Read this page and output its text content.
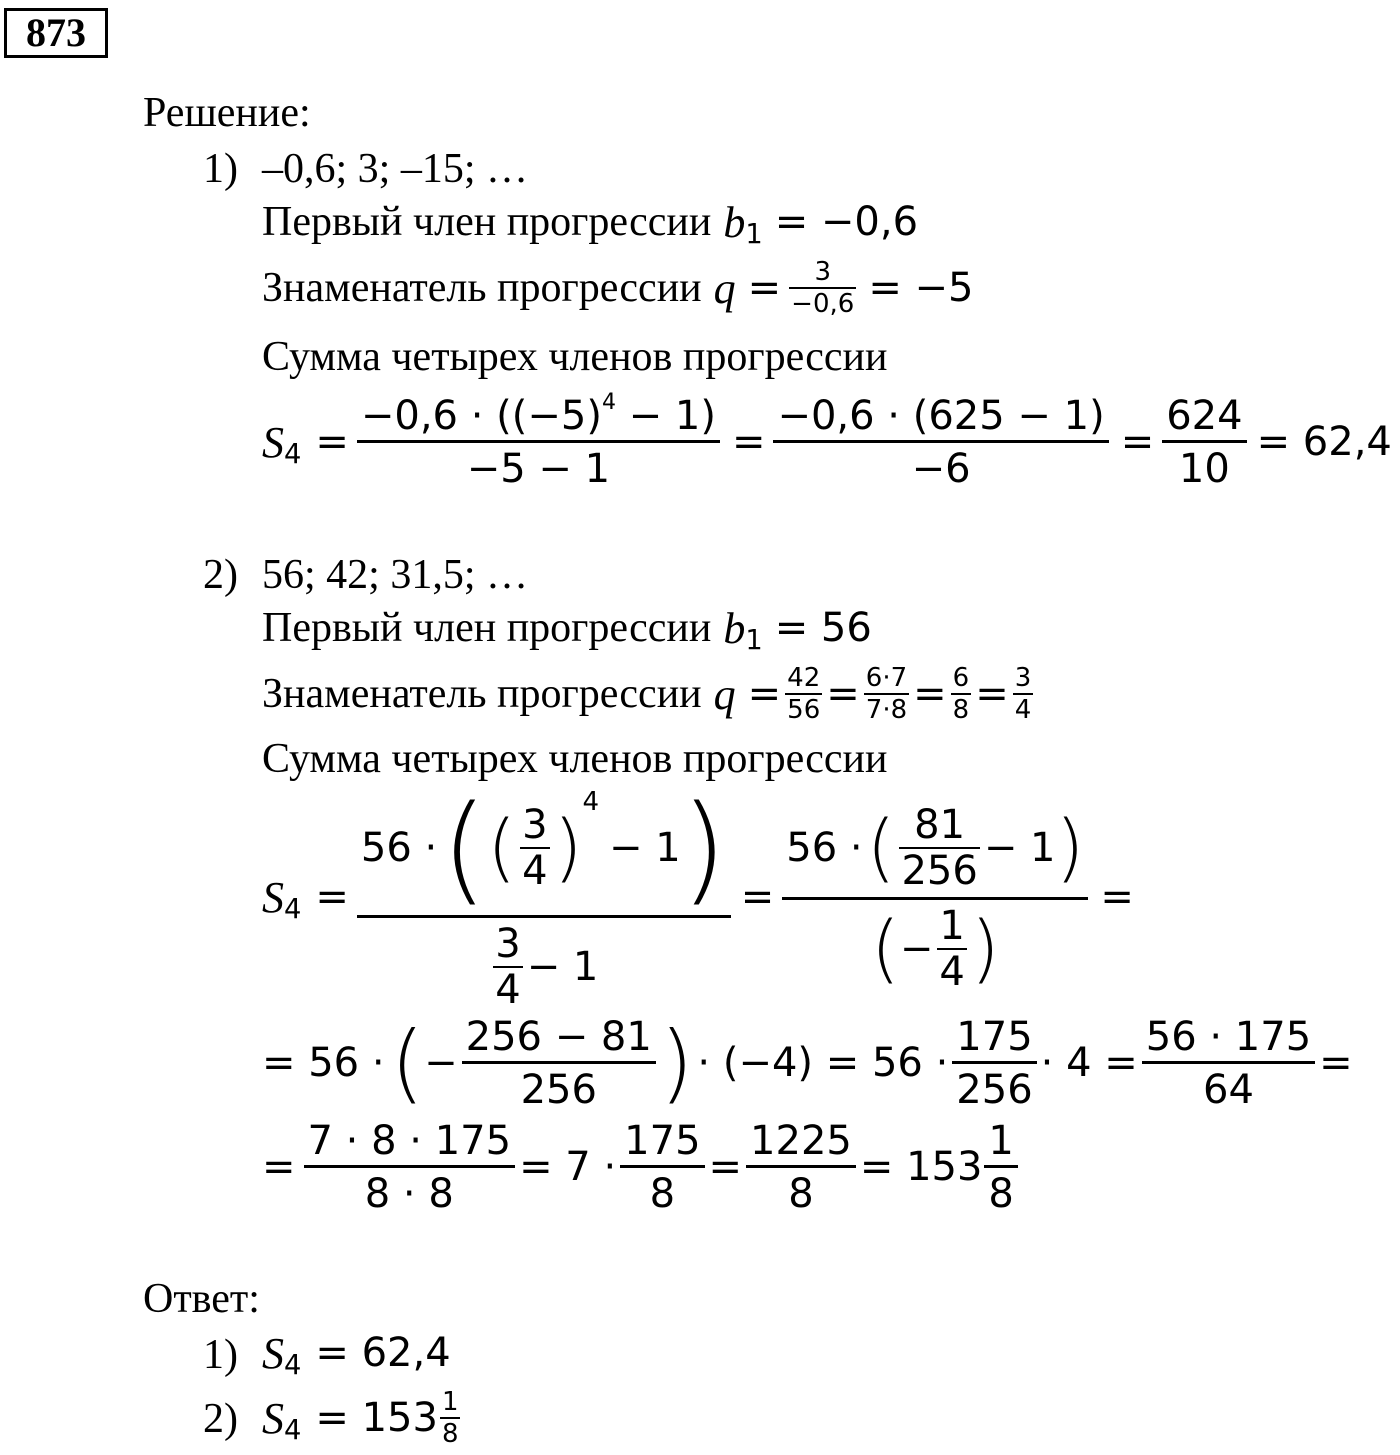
873
Решение:
1) –0,6; 3; –15; …
Первый член прогрессии b1 = −0,6
Знаменатель прогрессии $q = \frac{3}{-0,6} = -5$
Сумма четырех членов прогрессии
$S4 = \frac{-0,6 \cdot ((-5)^4 - 1)}{-5 - 1} = \frac{-0,6 \cdot (625 - 1)}{-6} = \frac{624}{10} = 62,4$
2) 56; 42; 31,5; …
Первый член прогрессии b1 = 56
Знаменатель прогрессии $q = \frac{42}{56} = \frac{6\cdot 7}{7\cdot 8} = \frac{6}{8} = \frac{3}{4}$
Сумма четырех членов прогрессии
S4 =
56 · ( ( $\frac{3}{4}$ )
4
− 1 )
$\frac{3}{4} - 1$
= $\frac{56 \cdot ( \frac{81}{256} - 1 )}{( - \frac{1}{4} )}$ =
= 56 · ( − $\frac{256 - 81}{256}$ ) · $(-4) = 56 \cdot \frac{175}{256} \cdot 4 = \frac{56 \cdot 175}{64}$ =
= $\frac{7 \cdot 8 \cdot 175}{8 \cdot 8} = 7 \cdot \frac{175}{8} = \frac{1225}{8} = 153 \frac{1}{8}$
Ответ:
1) S4 = 62,4
2) $S4 = 153 \frac{1}{8}$
